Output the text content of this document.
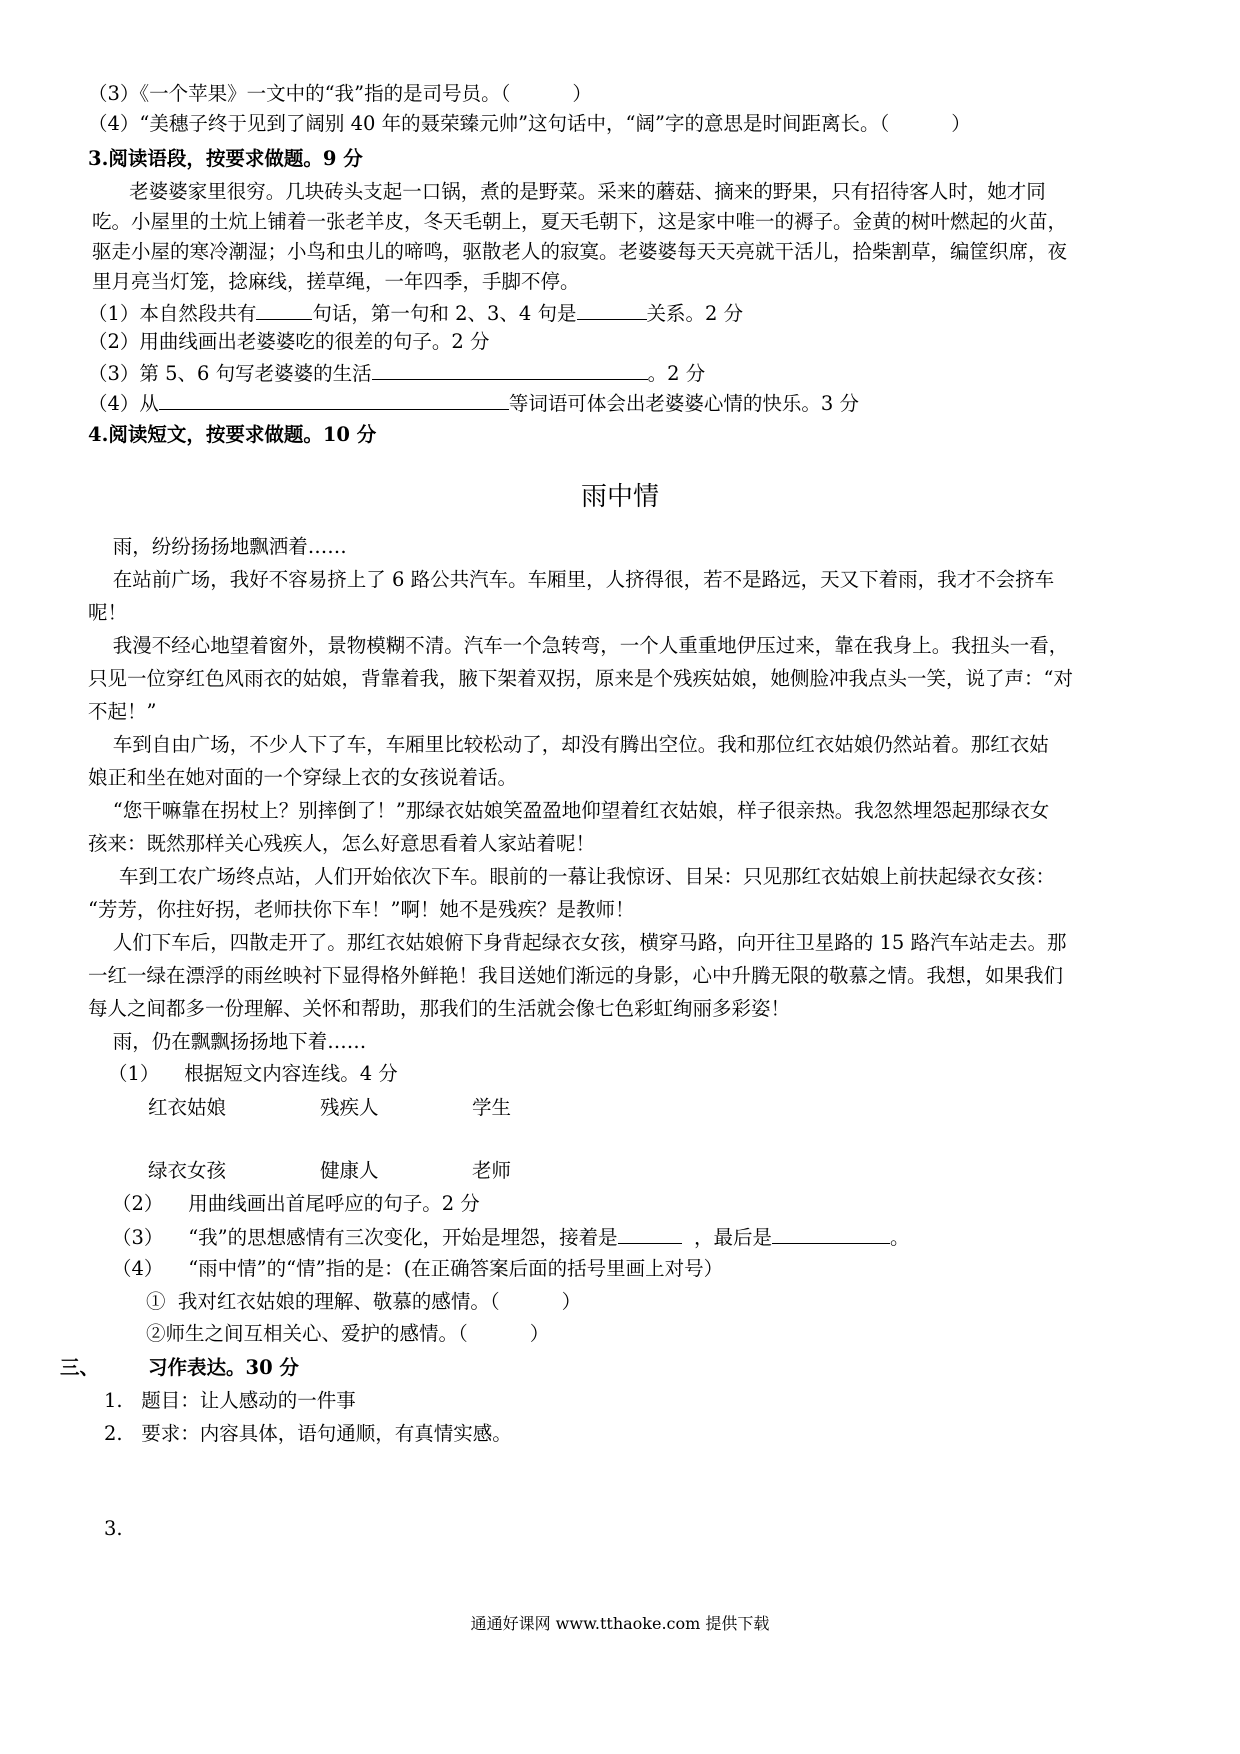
（3）《一个苹果》一文中的“我”指的是司号员。（          ）
（4）“美穗子终于见到了阔别 40 年的聂荣臻元帅”这句话中，“阔”字的意思是时间距离长。（          ）
3.阅读语段，按要求做题。9 分
老婆婆家里很穷。几块砖头支起一口锅，煮的是野菜。采来的蘑菇、摘来的野果，只有招待客人时，她才同
吃。小屋里的土炕上铺着一张老羊皮，冬天毛朝上，夏天毛朝下，这是家中唯一的褥子。金黄的树叶燃起的火苗，
驱走小屋的寒冷潮湿；小鸟和虫儿的啼鸣，驱散老人的寂寞。老婆婆每天天亮就干活儿，拾柴割草，编筐织席，夜
里月亮当灯笼，捻麻线，搓草绳，一年四季，手脚不停。
（1）本自然段共有	句话，第一句和 2、3、4 句是	关系。2 分
（2）用曲线画出老婆婆吃的很差的句子。2 分
（3）第 5、6 句写老婆婆的生活	。2 分
（4）从	等词语可体会出老婆婆心情的快乐。3 分
4.阅读短文，按要求做题。10 分
雨中情
雨，纷纷扬扬地飘洒着……
在站前广场，我好不容易挤上了 6 路公共汽车。车厢里，人挤得很，若不是路远，天又下着雨，我才不会挤车
呢！
我漫不经心地望着窗外，景物模糊不清。汽车一个急转弯，一个人重重地伊压过来，靠在我身上。我扭头一看，
只见一位穿红色风雨衣的姑娘，背靠着我，腋下架着双拐，原来是个残疾姑娘，她侧脸冲我点头一笑，说了声：“对
不起！”
车到自由广场，不少人下了车，车厢里比较松动了，却没有腾出空位。我和那位红衣姑娘仍然站着。那红衣姑
娘正和坐在她对面的一个穿绿上衣的女孩说着话。
“您干嘛靠在拐杖上？别摔倒了！”那绿衣姑娘笑盈盈地仰望着红衣姑娘，样子很亲热。我忽然埋怨起那绿衣女
孩来：既然那样关心残疾人，怎么好意思看着人家站着呢！
车到工农广场终点站，人们开始依次下车。眼前的一幕让我惊讶、目呆：只见那红衣姑娘上前扶起绿衣女孩：
“芳芳，你拄好拐，老师扶你下车！”啊！她不是残疾？是教师！
人们下车后，四散走开了。那红衣姑娘俯下身背起绿衣女孩，横穿马路，向开往卫星路的 15 路汽车站走去。那
一红一绿在漂浮的雨丝映衬下显得格外鲜艳！我目送她们渐远的身影，心中升腾无限的敬慕之情。我想，如果我们
每人之间都多一份理解、关怀和帮助，那我们的生活就会像七色彩虹绚丽多彩姿！
雨，仍在飘飘扬扬地下着……
（1）    根据短文内容连线。4 分
红衣姑娘	残疾人	学生
绿衣女孩	健康人	老师
（2）    用曲线画出首尾呼应的句子。2 分
（3）    “我”的思想感情有三次变化，开始是埋怨，接着是	，最后是	。
（4）    “雨中情”的“情”指的是：(在正确答案后面的括号里画上对号）
①  我对红衣姑娘的理解、敬慕的感情。（          ）
②师生之间互相关心、爱护的感情。（          ）
三、	习作表达。30 分
1.   题目：让人感动的一件事
2.   要求：内容具体，语句通顺，有真情实感。
3.
通通好课网 www.tthaoke.com 提供下载
